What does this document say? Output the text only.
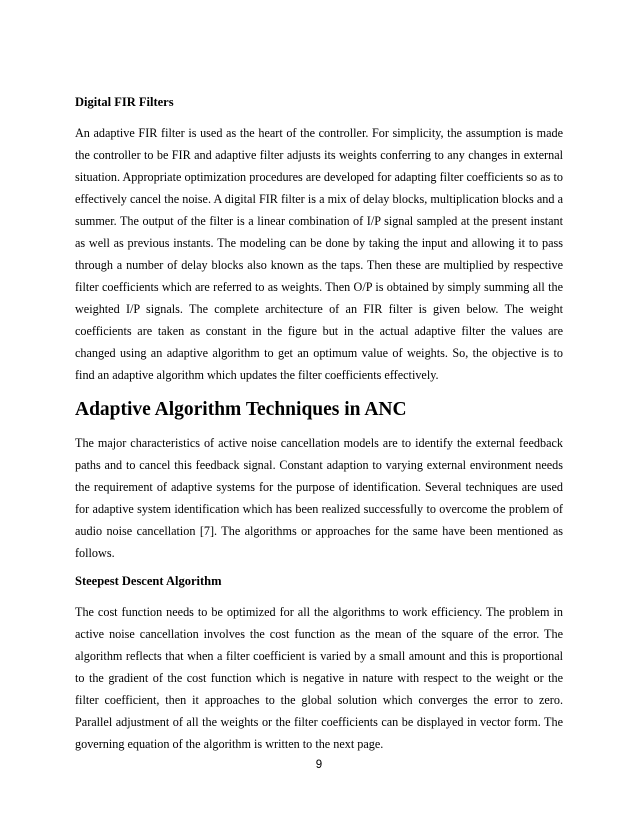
Digital FIR Filters

An adaptive FIR filter is used as the heart of the controller. For simplicity, the assumption is made the controller to be FIR and adaptive filter adjusts its weights conferring to any changes in external situation. Appropriate optimization procedures are developed for adapting filter coefficients so as to effectively cancel the noise. A digital FIR filter is a mix of delay blocks, multiplication blocks and a summer. The output of the filter is a linear combination of I/P signal sampled at the present instant as well as previous instants. The modeling can be done by taking the input and allowing it to pass through a number of delay blocks also known as the taps. Then these are multiplied by respective filter coefficients which are referred to as weights. Then O/P is obtained by simply summing all the weighted I/P signals. The complete architecture of an FIR filter is given below. The weight coefficients are taken as constant in the figure but in the actual adaptive filter the values are changed using an adaptive algorithm to get an optimum value of weights. So, the objective is to find an adaptive algorithm which updates the filter coefficients effectively.

Adaptive Algorithm Techniques in ANC

The major characteristics of active noise cancellation models are to identify the external feedback paths and to cancel this feedback signal. Constant adaption to varying external environment needs the requirement of adaptive systems for the purpose of identification. Several techniques are used for adaptive system identification which has been realized successfully to overcome the problem of audio noise cancellation [7]. The algorithms or approaches for the same have been mentioned as follows.

Steepest Descent Algorithm

The cost function needs to be optimized for all the algorithms to work efficiency. The problem in active noise cancellation involves the cost function as the mean of the square of the error. The algorithm reflects that when a filter coefficient is varied by a small amount and this is proportional to the gradient of the cost function which is negative in nature with respect to the weight or the filter coefficient, then it approaches to the global solution which converges the error to zero. Parallel adjustment of all the weights or the filter coefficients can be displayed in vector form. The governing equation of the algorithm is written to the next page.

9
